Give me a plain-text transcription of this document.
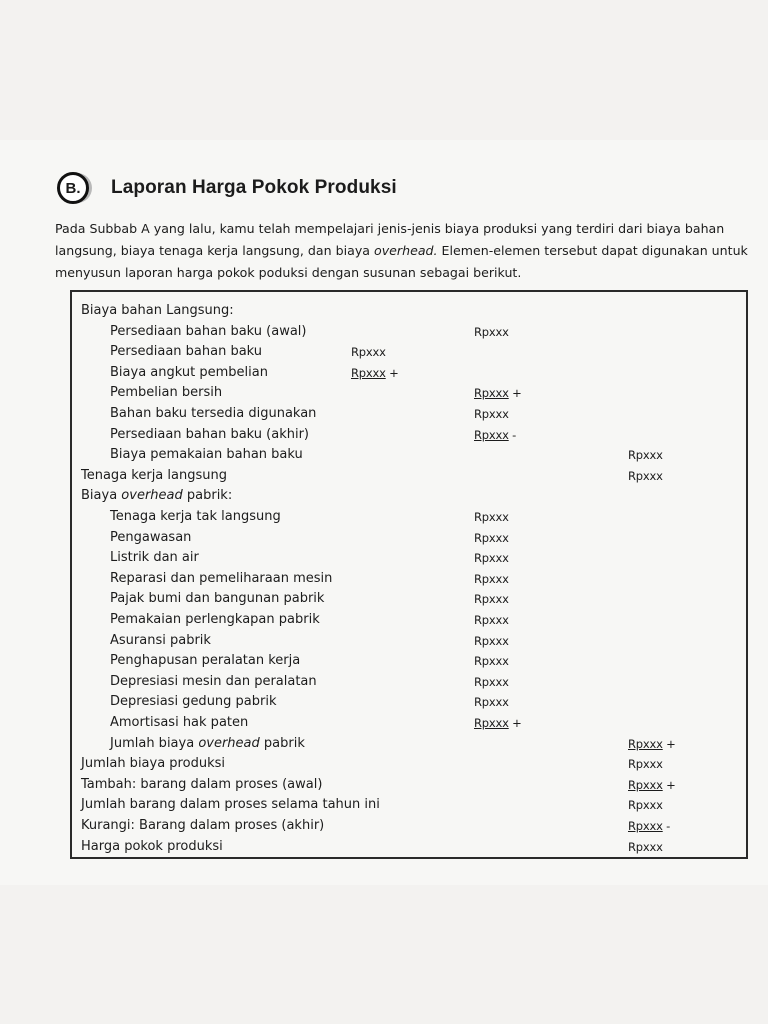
B.	Laporan Harga Pokok Produksi

Pada Subbab A yang lalu, kamu telah mempelajari jenis-jenis biaya produksi yang terdiri dari biaya bahan langsung, biaya tenaga kerja langsung, dan biaya overhead. Elemen-elemen tersebut dapat digunakan untuk menyusun laporan harga pokok poduksi dengan susunan sebagai berikut.

Biaya bahan Langsung:
Persediaan bahan baku (awal)	Rpxxx
Persediaan bahan baku	Rpxxx
Biaya angkut pembelian	Rpxxx +
Pembelian bersih	Rpxxx +
Bahan baku tersedia digunakan	Rpxxx
Persediaan bahan baku (akhir)	Rpxxx -
Biaya pemakaian bahan baku	Rpxxx
Tenaga kerja langsung	Rpxxx
Biaya overhead pabrik:
Tenaga kerja tak langsung	Rpxxx
Pengawasan	Rpxxx
Listrik dan air	Rpxxx
Reparasi dan pemeliharaan mesin	Rpxxx
Pajak bumi dan bangunan pabrik	Rpxxx
Pemakaian perlengkapan pabrik	Rpxxx
Asuransi pabrik	Rpxxx
Penghapusan peralatan kerja	Rpxxx
Depresiasi mesin dan peralatan	Rpxxx
Depresiasi gedung pabrik	Rpxxx
Amortisasi hak paten	Rpxxx +
Jumlah biaya overhead pabrik	Rpxxx +
Jumlah biaya produksi	Rpxxx
Tambah: barang dalam proses (awal)	Rpxxx +
Jumlah barang dalam proses selama tahun ini	Rpxxx
Kurangi: Barang dalam proses (akhir)	Rpxxx -
Harga pokok produksi	Rpxxx
